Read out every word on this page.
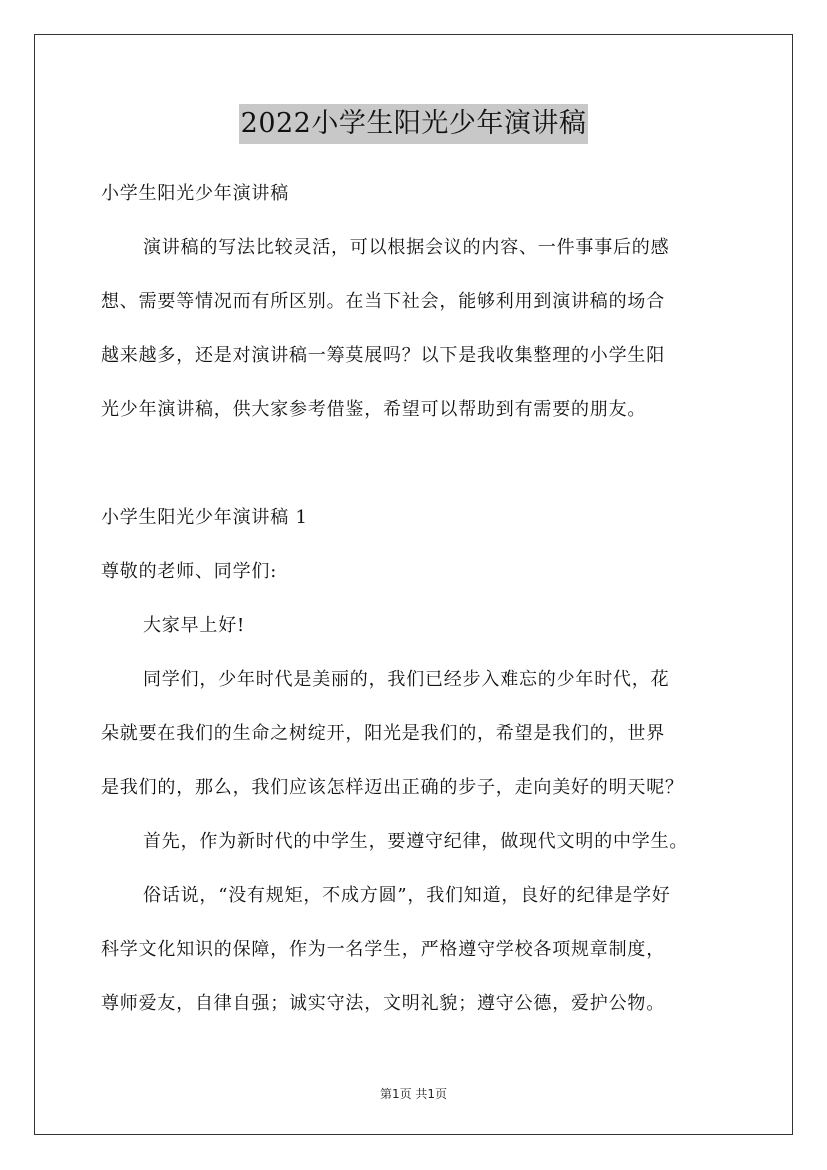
2022小学生阳光少年演讲稿
小学生阳光少年演讲稿
演讲稿的写法比较灵活，可以根据会议的内容、一件事事后的感
想、需要等情况而有所区别。在当下社会，能够利用到演讲稿的场合
越来越多，还是对演讲稿一筹莫展吗？以下是我收集整理的小学生阳
光少年演讲稿，供大家参考借鉴，希望可以帮助到有需要的朋友。
小学生阳光少年演讲稿 1
尊敬的老师、同学们:
大家早上好!
同学们，少年时代是美丽的，我们已经步入难忘的少年时代，花
朵就要在我们的生命之树绽开，阳光是我们的，希望是我们的，世界
是我们的，那么，我们应该怎样迈出正确的步子，走向美好的明天呢？
首先，作为新时代的中学生，要遵守纪律，做现代文明的中学生。
俗话说，“没有规矩，不成方圆”，我们知道，良好的纪律是学好
科学文化知识的保障，作为一名学生，严格遵守学校各项规章制度，
尊师爱友，自律自强；诚实守法，文明礼貌；遵守公德，爱护公物。
第1页 共1页
